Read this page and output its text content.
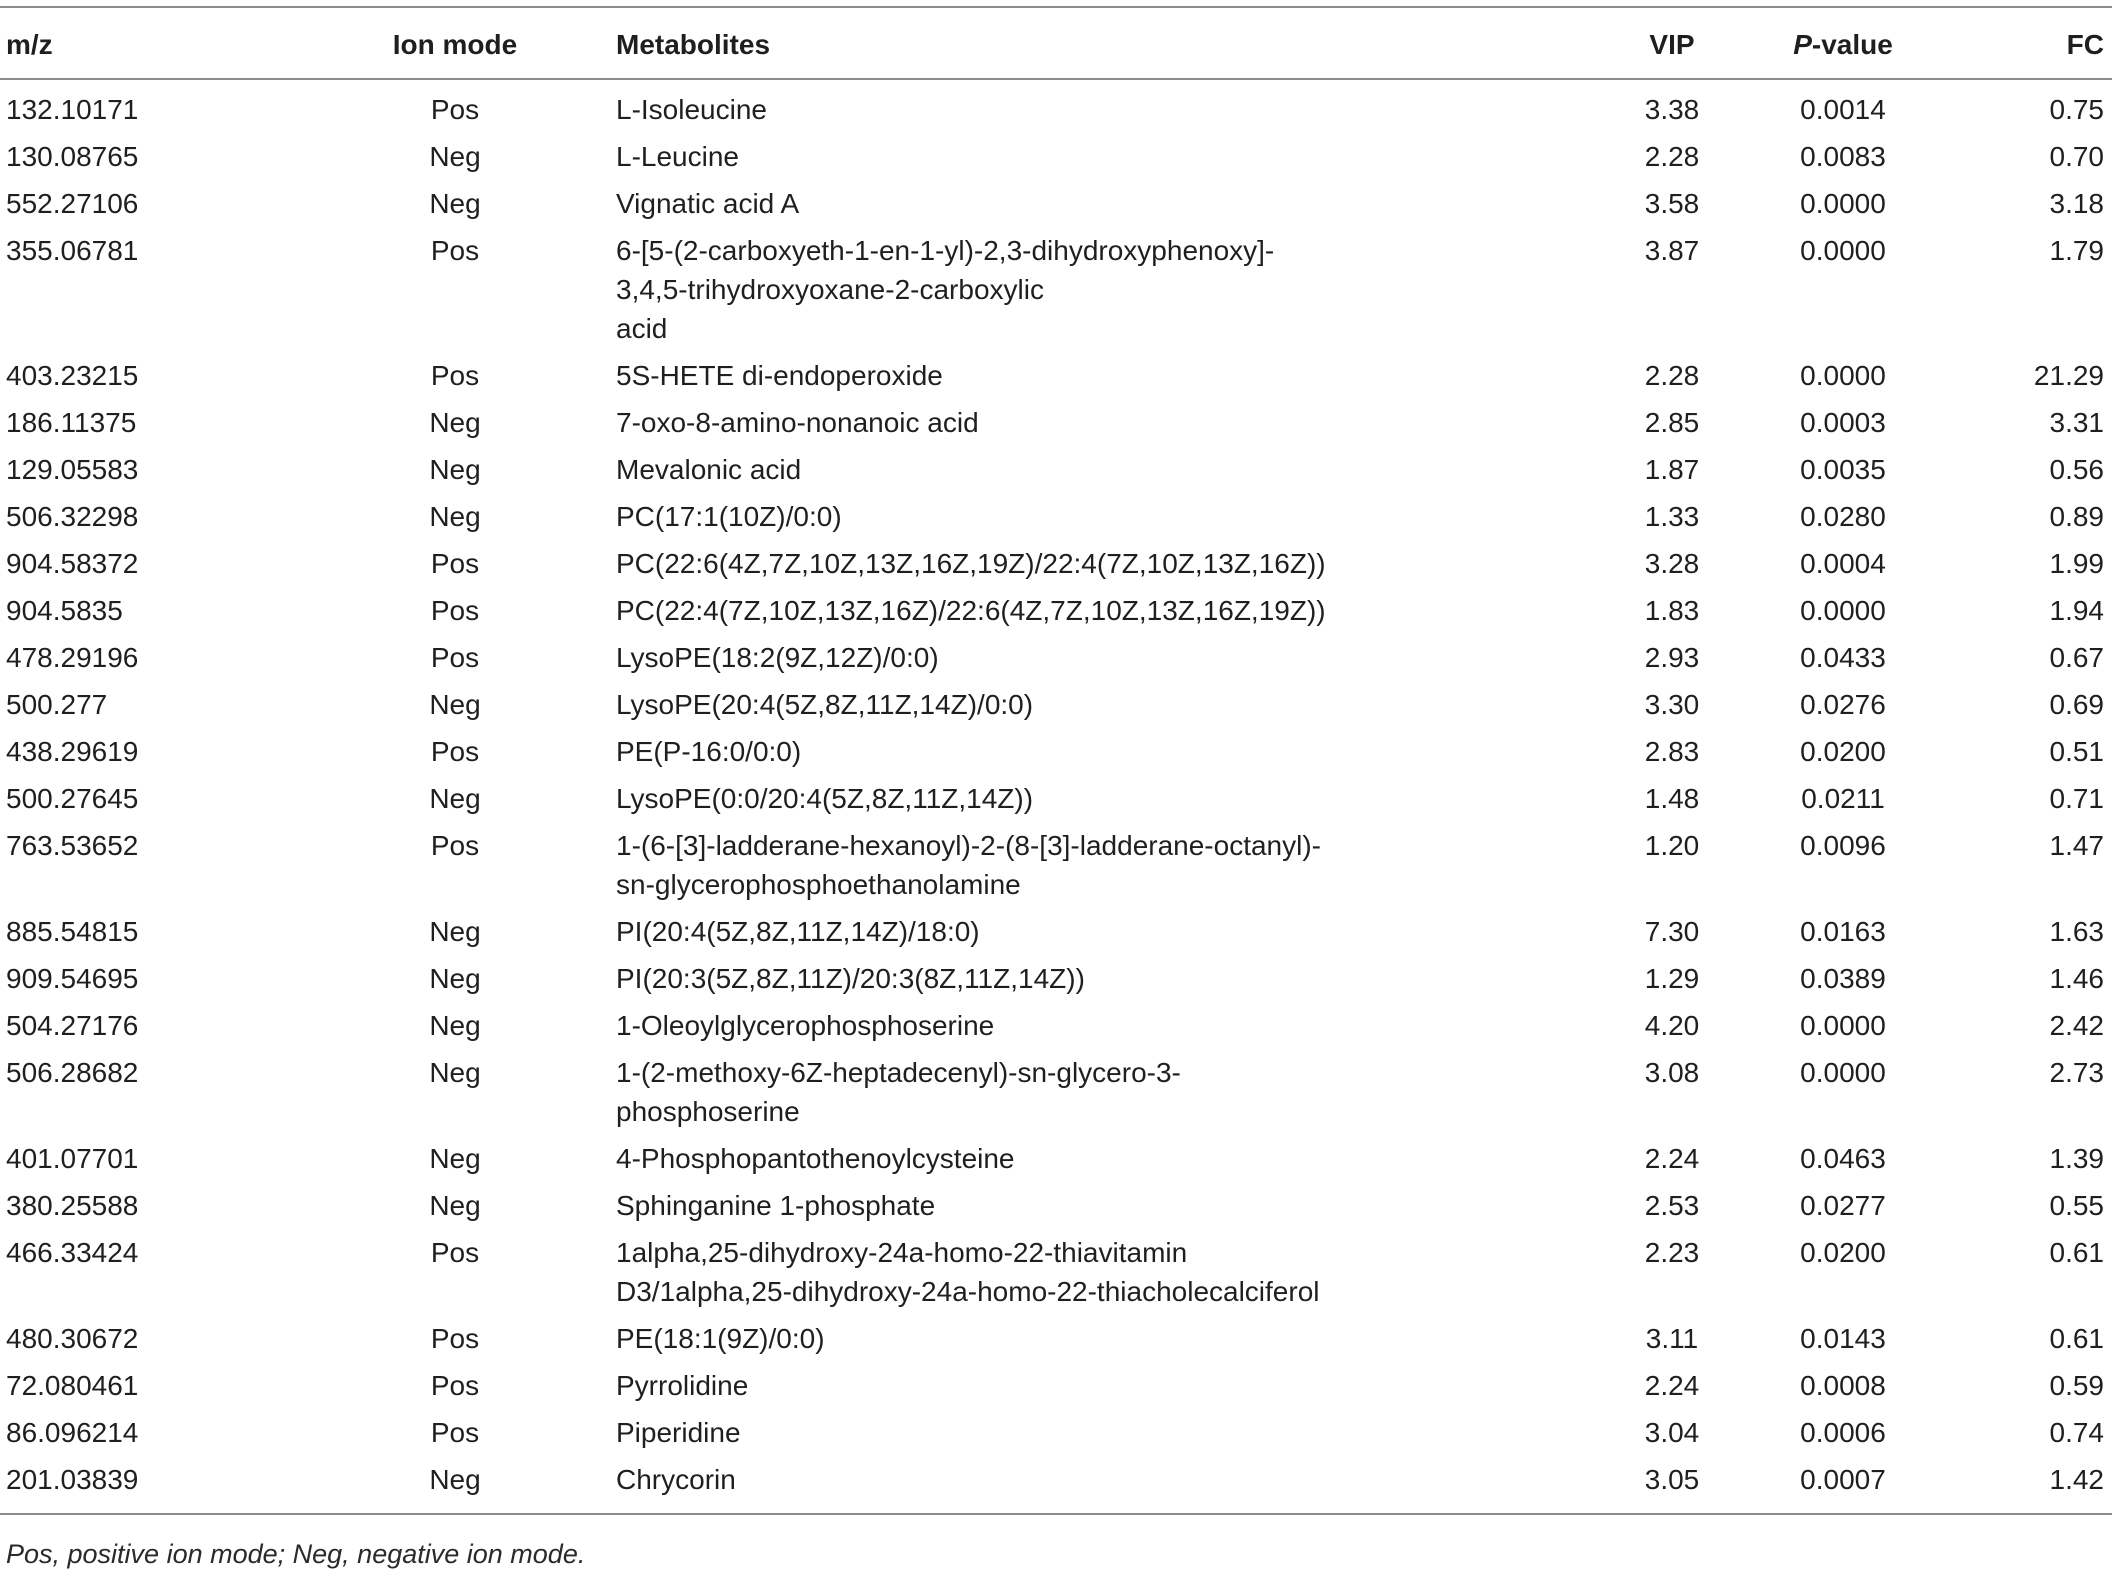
m/z	Ion mode	Metabolites	VIP	P-value	FC
132.10171	Pos	L-Isoleucine	3.38	0.0014	0.75
130.08765	Neg	L-Leucine	2.28	0.0083	0.70
552.27106	Neg	Vignatic acid A	3.58	0.0000	3.18
355.06781	Pos	6-[5-(2-carboxyeth-1-en-1-yl)-2,3-dihydroxyphenoxy]-
3,4,5-trihydroxyoxane-2-carboxylic
acid	3.87	0.0000	1.79
403.23215	Pos	5S-HETE di-endoperoxide	2.28	0.0000	21.29
186.11375	Neg	7-oxo-8-amino-nonanoic acid	2.85	0.0003	3.31
129.05583	Neg	Mevalonic acid	1.87	0.0035	0.56
506.32298	Neg	PC(17:1(10Z)/0:0)	1.33	0.0280	0.89
904.58372	Pos	PC(22:6(4Z,7Z,10Z,13Z,16Z,19Z)/22:4(7Z,10Z,13Z,16Z))	3.28	0.0004	1.99
904.5835	Pos	PC(22:4(7Z,10Z,13Z,16Z)/22:6(4Z,7Z,10Z,13Z,16Z,19Z))	1.83	0.0000	1.94
478.29196	Pos	LysoPE(18:2(9Z,12Z)/0:0)	2.93	0.0433	0.67
500.277	Neg	LysoPE(20:4(5Z,8Z,11Z,14Z)/0:0)	3.30	0.0276	0.69
438.29619	Pos	PE(P-16:0/0:0)	2.83	0.0200	0.51
500.27645	Neg	LysoPE(0:0/20:4(5Z,8Z,11Z,14Z))	1.48	0.0211	0.71
763.53652	Pos	1-(6-[3]-ladderane-hexanoyl)-2-(8-[3]-ladderane-octanyl)-
sn-glycerophosphoethanolamine	1.20	0.0096	1.47
885.54815	Neg	PI(20:4(5Z,8Z,11Z,14Z)/18:0)	7.30	0.0163	1.63
909.54695	Neg	PI(20:3(5Z,8Z,11Z)/20:3(8Z,11Z,14Z))	1.29	0.0389	1.46
504.27176	Neg	1-Oleoylglycerophosphoserine	4.20	0.0000	2.42
506.28682	Neg	1-(2-methoxy-6Z-heptadecenyl)-sn-glycero-3-
phosphoserine	3.08	0.0000	2.73
401.07701	Neg	4-Phosphopantothenoylcysteine	2.24	0.0463	1.39
380.25588	Neg	Sphinganine 1-phosphate	2.53	0.0277	0.55
466.33424	Pos	1alpha,25-dihydroxy-24a-homo-22-thiavitamin
D3/1alpha,25-dihydroxy-24a-homo-22-thiacholecalciferol	2.23	0.0200	0.61
480.30672	Pos	PE(18:1(9Z)/0:0)	3.11	0.0143	0.61
72.080461	Pos	Pyrrolidine	2.24	0.0008	0.59
86.096214	Pos	Piperidine	3.04	0.0006	0.74
201.03839	Neg	Chrycorin	3.05	0.0007	1.42
Pos, positive ion mode; Neg, negative ion mode.
